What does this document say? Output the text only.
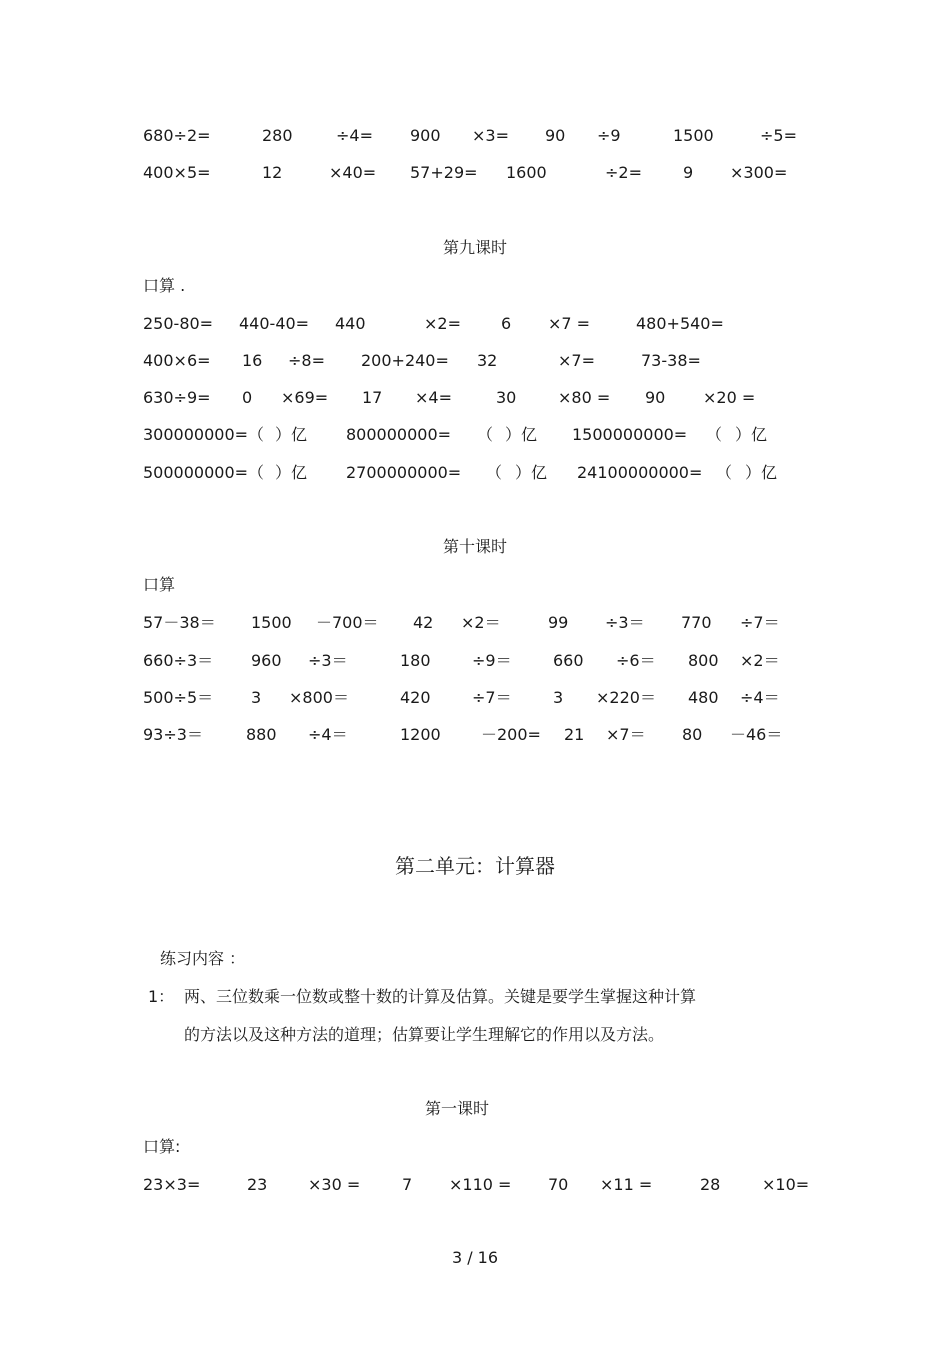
680÷2=	280	÷4= 900 ×3= 90 ÷9	1500	÷5=
400×5=	12	×40= 57+29= 1600	÷2=	9 ×300=
第九课时
口算 .
250-80= 440-40= 440	×2=	6 ×7 =	480+540=
400×6= 16 ÷8= 200+240= 32	×7=	73-38=
630÷9= 0 ×69= 17 ×4=	30	×80 = 90 ×20 =
300000000=（ ）亿 800000000= （ ）亿 1500000000= （ ）亿
500000000=（ ）亿 2700000000= （ ）亿 24100000000= （ ）亿
第十课时
口算
57－38＝ 1500 －700＝ 42 ×2＝	99 ÷3＝ 770 ÷7＝
660÷3＝ 960 ÷3＝	180	÷9＝	660 ÷6＝ 800 ×2＝
500÷5＝ 3 ×800＝	420	÷7＝	3 ×220＝ 480 ÷4＝
93÷3＝	880 ÷4＝	1200	－200= 21 ×7＝ 80 －46＝
第二单元：计算器
练习内容 ：
1： 两、三位数乘一位数或整十数的计算及估算。关键是要学生掌握这种计算
的方法以及这种方法的道理；估算要让学生理解它的作用以及方法。
第一课时
口算:
23×3=	23	×30 =	7 ×110 = 70 ×11 =	28	×10=
3 / 16
